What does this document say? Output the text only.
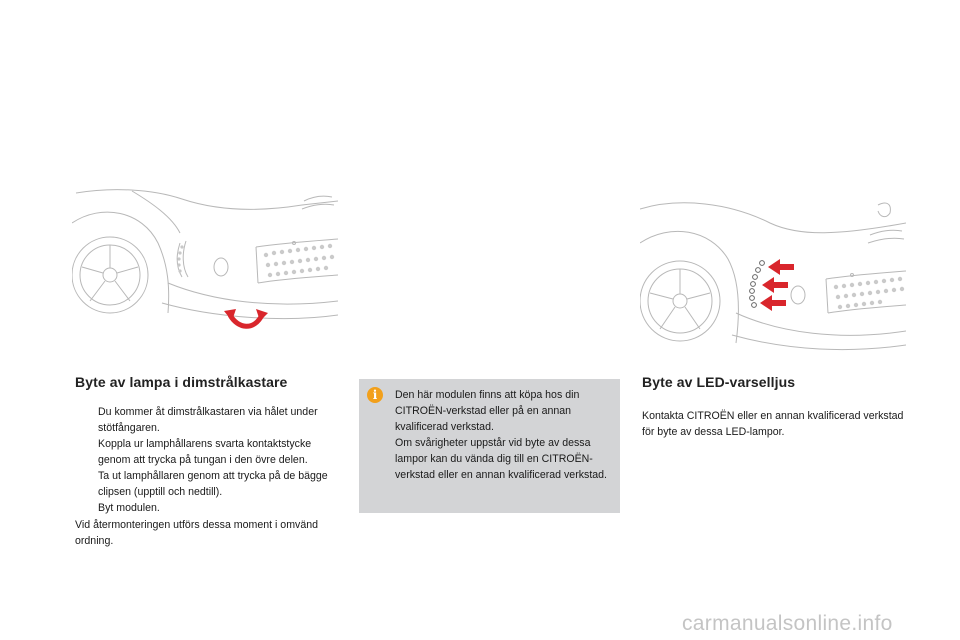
Byte av lampa i dimstrålkastare
Du kommer åt dimstrålkastaren via hålet under stötfångaren.
Koppla ur lamphållarens svarta kontaktstycke genom att trycka på tungan i den övre delen.
Ta ut lamphållaren genom att trycka på de bägge clipsen (upptill och nedtill).
Byt modulen.
Vid återmonteringen utförs dessa moment i omvänd ordning.
i	Den här modulen finns att köpa hos din CITROËN-verkstad eller på en annan kvalificerad verkstad.

Om svårigheter uppstår vid byte av dessa lampor kan du vända dig till en CITROËN-verkstad eller en annan kvalificerad verkstad.

Byte av LED-varselljus
Kontakta CITROËN eller en annan kvalificerad verkstad för byte av dessa LED-lampor.
carmanualsonline.info
